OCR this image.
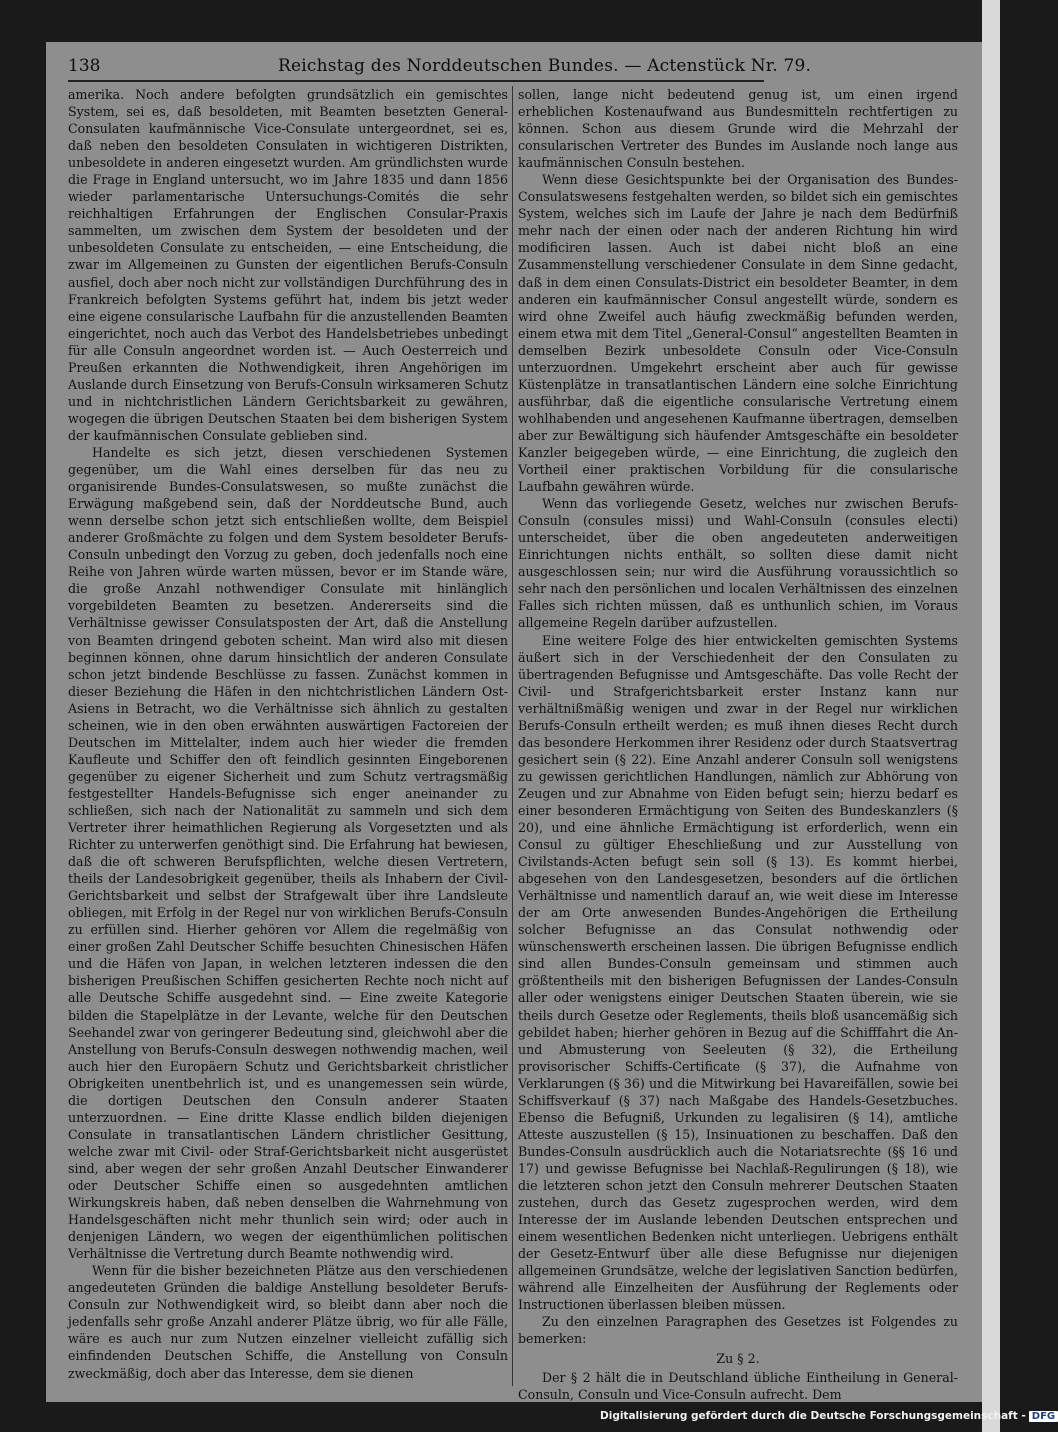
138	Reichstag des Norddeutschen Bundes. — Actenstück Nr. 79.

amerika. Noch andere befolgten grundsätzlich ein gemischtes System, sei es, daß besoldeten, mit Beamten besetzten General-Consulaten kaufmännische Vice-Consulate untergeordnet, sei es, daß neben den besoldeten Consulaten in wichtigeren Distrikten, unbesoldete in anderen eingesetzt wurden. Am gründlichsten wurde die Frage in England untersucht, wo im Jahre 1835 und dann 1856 wieder parlamentarische Untersuchungs-Comités die sehr reichhaltigen Erfahrungen der Englischen Consular-Praxis sammelten, um zwischen dem System der besoldeten und der unbesoldeten Consulate zu entscheiden, — eine Entscheidung, die zwar im Allgemeinen zu Gunsten der eigentlichen Berufs-Consuln ausfiel, doch aber noch nicht zur vollständigen Durchführung des in Frankreich befolgten Systems geführt hat, indem bis jetzt weder eine eigene consularische Laufbahn für die anzustellenden Beamten eingerichtet, noch auch das Verbot des Handelsbetriebes unbedingt für alle Consuln angeordnet worden ist. — Auch Oesterreich und Preußen erkannten die Nothwendigkeit, ihren Angehörigen im Auslande durch Einsetzung von Berufs-Consuln wirksameren Schutz und in nichtchristlichen Ländern Gerichtsbarkeit zu gewähren, wogegen die übrigen Deutschen Staaten bei dem bisherigen System der kaufmännischen Consulate geblieben sind.

Handelte es sich jetzt, diesen verschiedenen Systemen gegenüber, um die Wahl eines derselben für das neu zu organisirende Bundes-Consulatswesen, so mußte zunächst die Erwägung maßgebend sein, daß der Norddeutsche Bund, auch wenn derselbe schon jetzt sich entschließen wollte, dem Beispiel anderer Großmächte zu folgen und dem System besoldeter Berufs-Consuln unbedingt den Vorzug zu geben, doch jedenfalls noch eine Reihe von Jahren würde warten müssen, bevor er im Stande wäre, die große Anzahl nothwendiger Consulate mit hinlänglich vorgebildeten Beamten zu besetzen. Andererseits sind die Verhältnisse gewisser Consulatsposten der Art, daß die Anstellung von Beamten dringend geboten scheint. Man wird also mit diesen beginnen können, ohne darum hinsichtlich der anderen Consulate schon jetzt bindende Beschlüsse zu fassen. Zunächst kommen in dieser Beziehung die Häfen in den nichtchristlichen Ländern Ost-Asiens in Betracht, wo die Verhältnisse sich ähnlich zu gestalten scheinen, wie in den oben erwähnten auswärtigen Factoreien der Deutschen im Mittelalter, indem auch hier wieder die fremden Kaufleute und Schiffer den oft feindlich gesinnten Eingeborenen gegenüber zu eigener Sicherheit und zum Schutz vertragsmäßig festgestellter Handels-Befugnisse sich enger aneinander zu schließen, sich nach der Nationalität zu sammeln und sich dem Vertreter ihrer heimathlichen Regierung als Vorgesetzten und als Richter zu unterwerfen genöthigt sind. Die Erfahrung hat bewiesen, daß die oft schweren Berufspflichten, welche diesen Vertretern, theils der Landesobrigkeit gegenüber, theils als Inhabern der Civil-Gerichtsbarkeit und selbst der Strafgewalt über ihre Landsleute obliegen, mit Erfolg in der Regel nur von wirklichen Berufs-Consuln zu erfüllen sind. Hierher gehören vor Allem die regelmäßig von einer großen Zahl Deutscher Schiffe besuchten Chinesischen Häfen und die Häfen von Japan, in welchen letzteren indessen die den bisherigen Preußischen Schiffen gesicherten Rechte noch nicht auf alle Deutsche Schiffe ausgedehnt sind. — Eine zweite Kategorie bilden die Stapelplätze in der Levante, welche für den Deutschen Seehandel zwar von geringerer Bedeutung sind, gleichwohl aber die Anstellung von Berufs-Consuln deswegen nothwendig machen, weil auch hier den Europäern Schutz und Gerichtsbarkeit christlicher Obrigkeiten unentbehrlich ist, und es unangemessen sein würde, die dortigen Deutschen den Consuln anderer Staaten unterzuordnen. — Eine dritte Klasse endlich bilden diejenigen Consulate in transatlantischen Ländern christlicher Gesittung, welche zwar mit Civil- oder Straf-Gerichtsbarkeit nicht ausgerüstet sind, aber wegen der sehr großen Anzahl Deutscher Einwanderer oder Deutscher Schiffe einen so ausgedehnten amtlichen Wirkungskreis haben, daß neben denselben die Wahrnehmung von Handelsgeschäften nicht mehr thunlich sein wird; oder auch in denjenigen Ländern, wo wegen der eigenthümlichen politischen Verhältnisse die Vertretung durch Beamte nothwendig wird.

Wenn für die bisher bezeichneten Plätze aus den verschiedenen angedeuteten Gründen die baldige Anstellung besoldeter Berufs-Consuln zur Nothwendigkeit wird, so bleibt dann aber noch die jedenfalls sehr große Anzahl anderer Plätze übrig, wo für alle Fälle, wäre es auch nur zum Nutzen einzelner vielleicht zufällig sich einfindenden Deutschen Schiffe, die Anstellung von Consuln zweckmäßig, doch aber das Interesse, dem sie dienen

sollen, lange nicht bedeutend genug ist, um einen irgend erheblichen Kostenaufwand aus Bundesmitteln rechtfertigen zu können. Schon aus diesem Grunde wird die Mehrzahl der consularischen Vertreter des Bundes im Auslande noch lange aus kaufmännischen Consuln bestehen.

Wenn diese Gesichtspunkte bei der Organisation des Bundes-Consulatswesens festgehalten werden, so bildet sich ein gemischtes System, welches sich im Laufe der Jahre je nach dem Bedürfniß mehr nach der einen oder nach der anderen Richtung hin wird modificiren lassen. Auch ist dabei nicht bloß an eine Zusammenstellung verschiedener Consulate in dem Sinne gedacht, daß in dem einen Consulats-District ein besoldeter Beamter, in dem anderen ein kaufmännischer Consul angestellt würde, sondern es wird ohne Zweifel auch häufig zweckmäßig befunden werden, einem etwa mit dem Titel „General-Consul“ angestellten Beamten in demselben Bezirk unbesoldete Consuln oder Vice-Consuln unterzuordnen. Umgekehrt erscheint aber auch für gewisse Küstenplätze in transatlantischen Ländern eine solche Einrichtung ausführbar, daß die eigentliche consularische Vertretung einem wohlhabenden und angesehenen Kaufmanne übertragen, demselben aber zur Bewältigung sich häufender Amtsgeschäfte ein besoldeter Kanzler beigegeben würde, — eine Einrichtung, die zugleich den Vortheil einer praktischen Vorbildung für die consularische Laufbahn gewähren würde.

Wenn das vorliegende Gesetz, welches nur zwischen Berufs-Consuln (consules missi) und Wahl-Consuln (consules electi) unterscheidet, über die oben angedeuteten anderweitigen Einrichtungen nichts enthält, so sollten diese damit nicht ausgeschlossen sein; nur wird die Ausführung voraussichtlich so sehr nach den persönlichen und localen Verhältnissen des einzelnen Falles sich richten müssen, daß es unthunlich schien, im Voraus allgemeine Regeln darüber aufzustellen.

Eine weitere Folge des hier entwickelten gemischten Systems äußert sich in der Verschiedenheit der den Consulaten zu übertragenden Befugnisse und Amtsgeschäfte. Das volle Recht der Civil- und Strafgerichtsbarkeit erster Instanz kann nur verhältnißmäßig wenigen und zwar in der Regel nur wirklichen Berufs-Consuln ertheilt werden; es muß ihnen dieses Recht durch das besondere Herkommen ihrer Residenz oder durch Staatsvertrag gesichert sein (§ 22). Eine Anzahl anderer Consuln soll wenigstens zu gewissen gerichtlichen Handlungen, nämlich zur Abhörung von Zeugen und zur Abnahme von Eiden befugt sein; hierzu bedarf es einer besonderen Ermächtigung von Seiten des Bundeskanzlers (§ 20), und eine ähnliche Ermächtigung ist erforderlich, wenn ein Consul zu gültiger Eheschließung und zur Ausstellung von Civilstands-Acten befugt sein soll (§ 13). Es kommt hierbei, abgesehen von den Landesgesetzen, besonders auf die örtlichen Verhältnisse und namentlich darauf an, wie weit diese im Interesse der am Orte anwesenden Bundes-Angehörigen die Ertheilung solcher Befugnisse an das Consulat nothwendig oder wünschenswerth erscheinen lassen. Die übrigen Befugnisse endlich sind allen Bundes-Consuln gemeinsam und stimmen auch größtentheils mit den bisherigen Befugnissen der Landes-Consuln aller oder wenigstens einiger Deutschen Staaten überein, wie sie theils durch Gesetze oder Reglements, theils bloß usancemäßig sich gebildet haben; hierher gehören in Bezug auf die Schifffahrt die An- und Abmusterung von Seeleuten (§ 32), die Ertheilung provisorischer Schiffs-Certificate (§ 37), die Aufnahme von Verklarungen (§ 36) und die Mitwirkung bei Havareifällen, sowie bei Schiffsverkauf (§ 37) nach Maßgabe des Handels-Gesetzbuches. Ebenso die Befugniß, Urkunden zu legalisiren (§ 14), amtliche Atteste auszustellen (§ 15), Insinuationen zu beschaffen. Daß den Bundes-Consuln ausdrücklich auch die Notariatsrechte (§§ 16 und 17) und gewisse Befugnisse bei Nachlaß-Regulirungen (§ 18), wie die letzteren schon jetzt den Consuln mehrerer Deutschen Staaten zustehen, durch das Gesetz zugesprochen werden, wird dem Interesse der im Auslande lebenden Deutschen entsprechen und einem wesentlichen Bedenken nicht unterliegen. Uebrigens enthält der Gesetz-Entwurf über alle diese Befugnisse nur diejenigen allgemeinen Grundsätze, welche der legislativen Sanction bedürfen, während alle Einzelheiten der Ausführung der Reglements oder Instructionen überlassen bleiben müssen.

Zu den einzelnen Paragraphen des Gesetzes ist Folgendes zu bemerken:

Zu § 2.

Der § 2 hält die in Deutschland übliche Eintheilung in General-Consuln, Consuln und Vice-Consuln aufrecht. Dem

Digitalisierung gefördert durch die Deutsche Forschungsgemeinschaft - DFG
